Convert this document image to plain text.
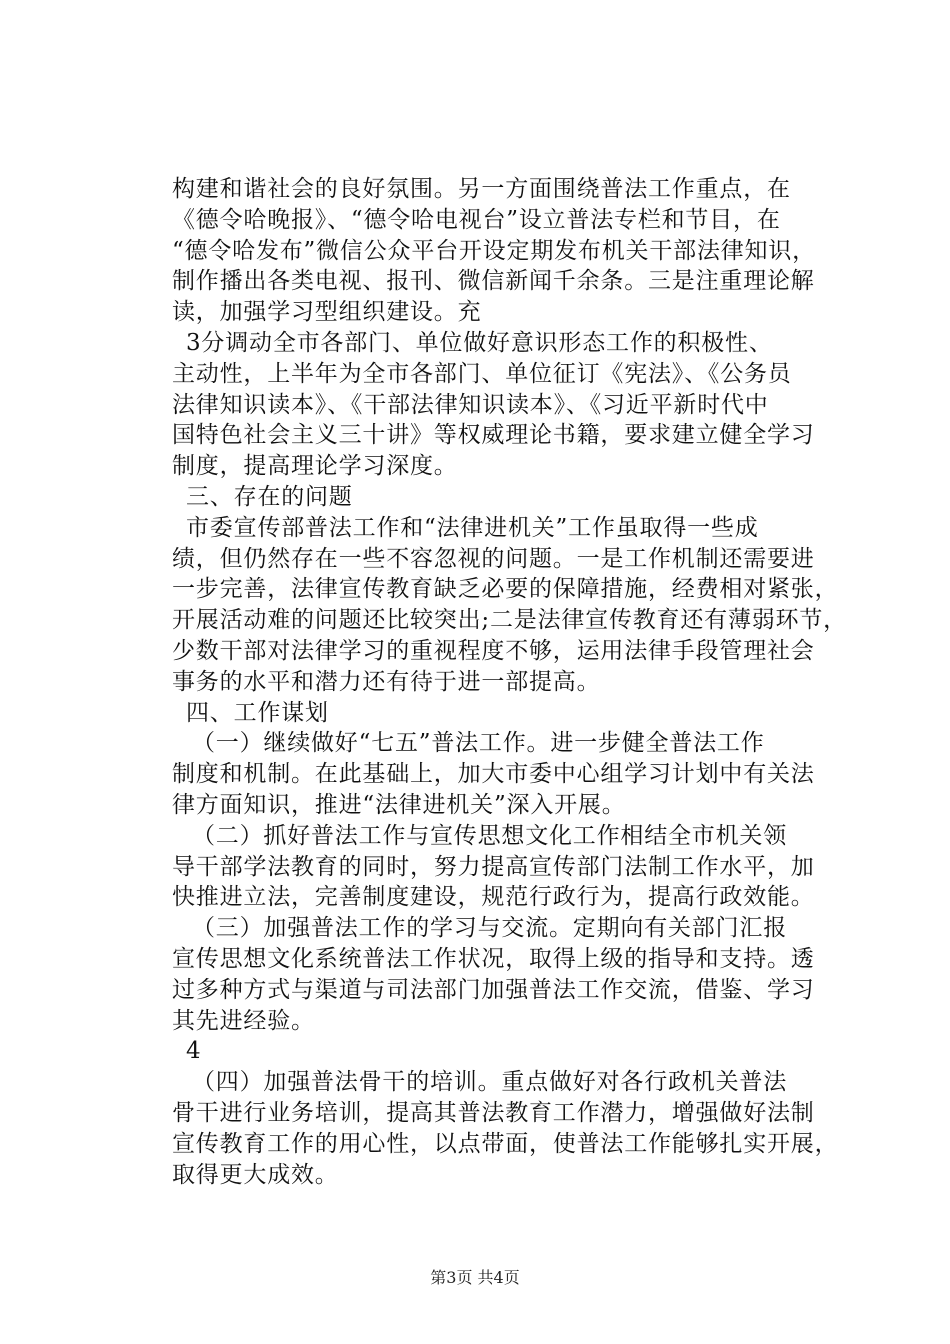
构建和谐社会的良好氛围。另一方面围绕普法工作重点，在
《德令哈晚报》、“德令哈电视台”设立普法专栏和节目，在
“德令哈发布”微信公众平台开设定期发布机关干部法律知识，
制作播出各类电视、报刊、微信新闻千余条。三是注重理论解
读，加强学习型组织建设。充
3分调动全市各部门、单位做好意识形态工作的积极性、
主动性，上半年为全市各部门、单位征订《宪法》、《公务员
法律知识读本》、《干部法律知识读本》、《习近平新时代中
国特色社会主义三十讲》等权威理论书籍，要求建立健全学习
制度，提高理论学习深度。
三、存在的问题
市委宣传部普法工作和“法律进机关”工作虽取得一些成
绩，但仍然存在一些不容忽视的问题。一是工作机制还需要进
一步完善，法律宣传教育缺乏必要的保障措施，经费相对紧张，
开展活动难的问题还比较突出;二是法律宣传教育还有薄弱环节，
少数干部对法律学习的重视程度不够，运用法律手段管理社会
事务的水平和潜力还有待于进一部提高。
四、工作谋划
（一）继续做好“七五”普法工作。进一步健全普法工作
制度和机制。在此基础上，加大市委中心组学习计划中有关法
律方面知识，推进“法律进机关”深入开展。
（二）抓好普法工作与宣传思想文化工作相结全市机关领
导干部学法教育的同时，努力提高宣传部门法制工作水平，加
快推进立法，完善制度建设，规范行政行为，提高行政效能。
（三）加强普法工作的学习与交流。定期向有关部门汇报
宣传思想文化系统普法工作状况，取得上级的指导和支持。透
过多种方式与渠道与司法部门加强普法工作交流，借鉴、学习
其先进经验。
4
（四）加强普法骨干的培训。重点做好对各行政机关普法
骨干进行业务培训，提高其普法教育工作潜力，增强做好法制
宣传教育工作的用心性，以点带面，使普法工作能够扎实开展，
取得更大成效。
第3页 共4页
